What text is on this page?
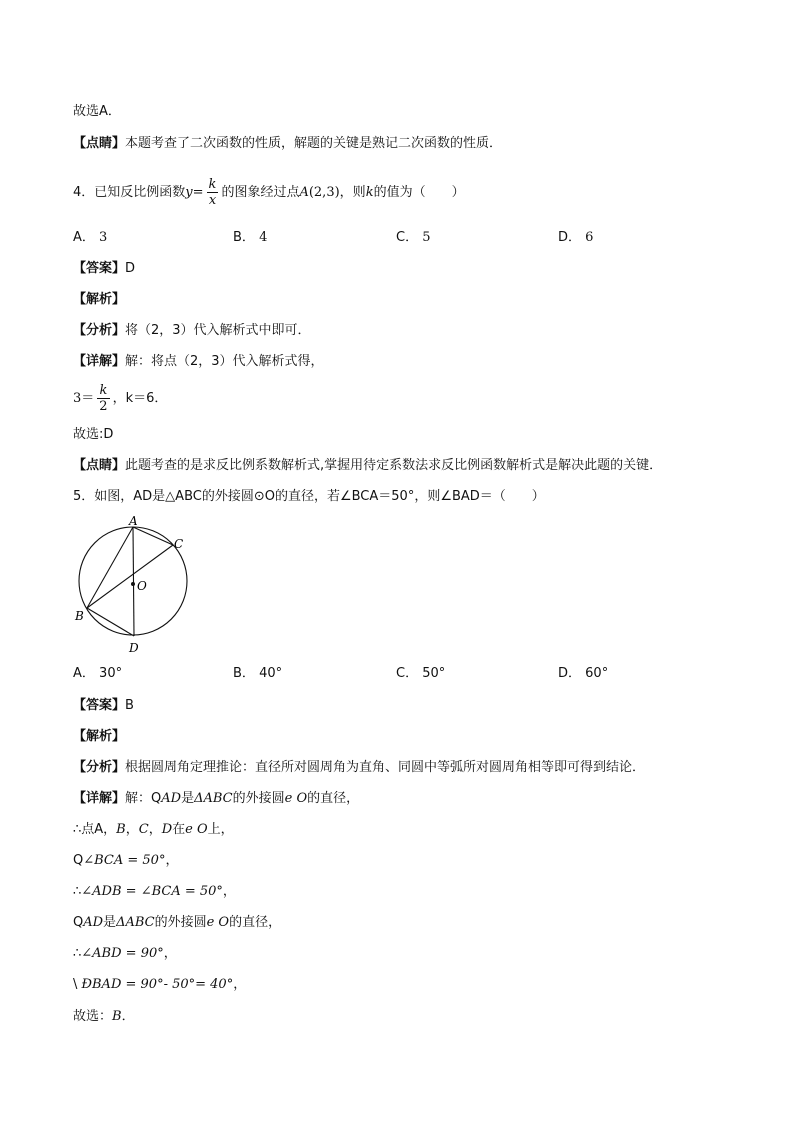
故选A．
【点睛】本题考查了二次函数的性质，解题的关键是熟记二次函数的性质．
4．已知反比例函数$y= \frac{k}{x}$ 的图象经过点A(2,3)，则k的值为（　　）
A． 3	B． 4	C． 5	D． 6
【答案】D
【解析】
【分析】将（2，3）代入解析式中即可．
【详解】解：将点（2，3）代入解析式得，
$3= \frac{k}{2}$ ，k＝6．
故选:D
【点睛】此题考查的是求反比例系数解析式,掌握用待定系数法求反比例函数解析式是解决此题的关键．
5．如图，AD是△ABC的外接圆⊙O的直径，若∠BCA＝50°，则∠BAD＝（　　）
A
C
O
B
D
A． 30°	B． 40°	C． 50°	D． 60°
【答案】B
【解析】
【分析】根据圆周角定理推论：直径所对圆周角为直角、同圆中等弧所对圆周角相等即可得到结论．
【详解】解：QAD是ΔABC的外接圆e O的直径，
∴点A，B，C，D在e O上，
Q∠BCA = 50°，
∴∠ADB = ∠BCA = 50°，
QAD是ΔABC的外接圆e O的直径，
∴∠ABD = 90°，
\ ÐBAD = 90°- 50°= 40°，
故选：B．
